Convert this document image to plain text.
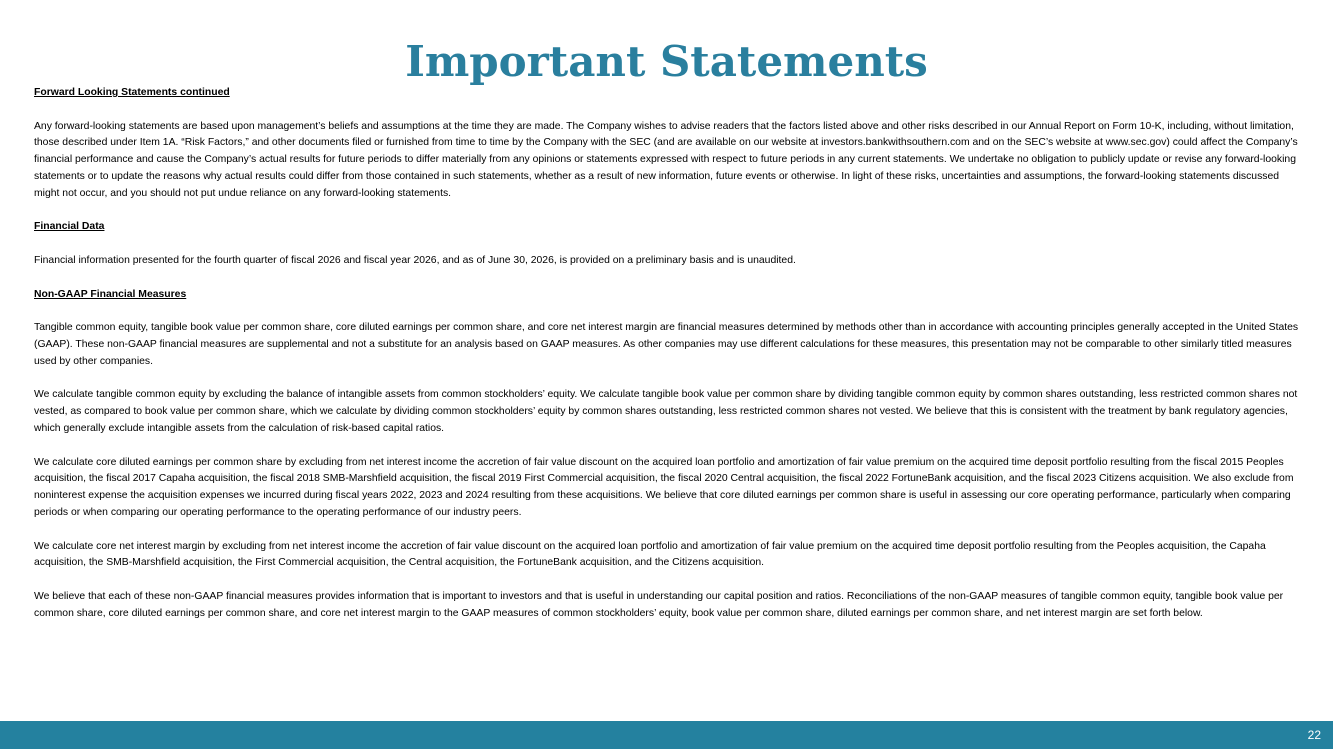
Important Statements
Forward Looking Statements continued

Any forward-looking statements are based upon management’s beliefs and assumptions at the time they are made. The Company wishes to advise readers that the factors listed above and other risks described in our Annual Report on Form 10-K, including, without limitation, those described under Item 1A. “Risk Factors,” and other documents filed or furnished from time to time by the Company with the SEC (and are available on our website at investors.bankwithsouthern.com and on the SEC’s website at www.sec.gov) could affect the Company’s financial performance and cause the Company’s actual results for future periods to differ materially from any opinions or statements expressed with respect to future periods in any current statements. We undertake no obligation to publicly update or revise any forward-looking statements or to update the reasons why actual results could differ from those contained in such statements, whether as a result of new information, future events or otherwise. In light of these risks, uncertainties and assumptions, the forward-looking statements discussed might not occur, and you should not put undue reliance on any forward-looking statements.

Financial Data

Financial information presented for the fourth quarter of fiscal 2026 and fiscal year 2026, and as of June 30, 2026, is provided on a preliminary basis and is unaudited.

Non-GAAP Financial Measures

Tangible common equity, tangible book value per common share, core diluted earnings per common share, and core net interest margin are financial measures determined by methods other than in accordance with accounting principles generally accepted in the United States (GAAP). These non-GAAP financial measures are supplemental and not a substitute for an analysis based on GAAP measures. As other companies may use different calculations for these measures, this presentation may not be comparable to other similarly titled measures used by other companies.

We calculate tangible common equity by excluding the balance of intangible assets from common stockholders’ equity. We calculate tangible book value per common share by dividing tangible common equity by common shares outstanding, less restricted common shares not vested, as compared to book value per common share, which we calculate by dividing common stockholders’ equity by common shares outstanding, less restricted common shares not vested. We believe that this is consistent with the treatment by bank regulatory agencies, which generally exclude intangible assets from the calculation of risk-based capital ratios.

We calculate core diluted earnings per common share by excluding from net interest income the accretion of fair value discount on the acquired loan portfolio and amortization of fair value premium on the acquired time deposit portfolio resulting from the fiscal 2015 Peoples acquisition, the fiscal 2017 Capaha acquisition, the fiscal 2018 SMB-Marshfield acquisition, the fiscal 2019 First Commercial acquisition, the fiscal 2020 Central acquisition, the fiscal 2022 FortuneBank acquisition, and the fiscal 2023 Citizens acquisition. We also exclude from noninterest expense the acquisition expenses we incurred during fiscal years 2022, 2023 and 2024 resulting from these acquisitions. We believe that core diluted earnings per common share is useful in assessing our core operating performance, particularly when comparing periods or when comparing our operating performance to the operating performance of our industry peers.

We calculate core net interest margin by excluding from net interest income the accretion of fair value discount on the acquired loan portfolio and amortization of fair value premium on the acquired time deposit portfolio resulting from the Peoples acquisition, the Capaha acquisition, the SMB-Marshfield acquisition, the First Commercial acquisition, the Central acquisition, the FortuneBank acquisition, and the Citizens acquisition.

We believe that each of these non-GAAP financial measures provides information that is important to investors and that is useful in understanding our capital position and ratios. Reconciliations of the non-GAAP measures of tangible common equity, tangible book value per common share, core diluted earnings per common share, and core net interest margin to the GAAP measures of common stockholders’ equity, book value per common share, diluted earnings per common share, and net interest margin are set forth below.

22
